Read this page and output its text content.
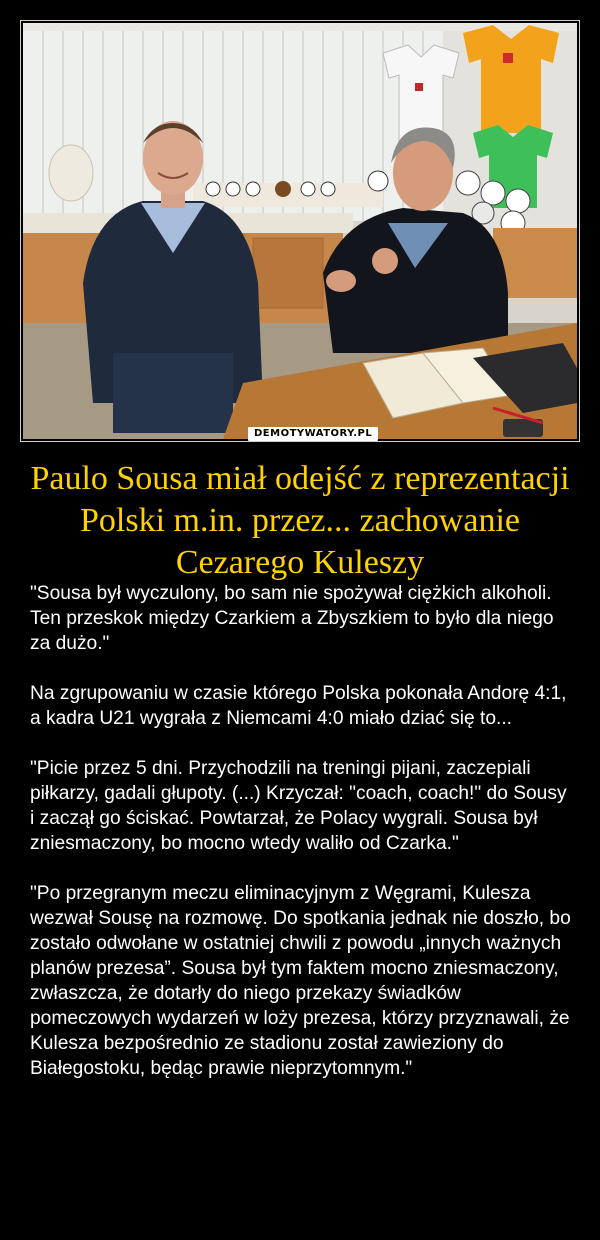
DEMOTYWATORY.PL
Paulo Sousa miał odejść z reprezentacji Polski m.in. przez... zachowanie Cezarego Kuleszy

"Sousa był wyczulony, bo sam nie spożywał ciężkich alkoholi. Ten przeskok między Czarkiem a Zbyszkiem to było dla niego za dużo."

Na zgrupowaniu w czasie którego Polska pokonała Andorę 4:1, a kadra U21 wygrała z Niemcami 4:0 miało dziać się to...

"Picie przez 5 dni. Przychodzili na treningi pijani, zaczepiali piłkarzy, gadali głupoty. (...) Krzyczał: "coach, coach!" do Sousy i zaczął go ściskać. Powtarzał, że Polacy wygrali. Sousa był zniesmaczony, bo mocno wtedy waliło od Czarka."

"Po przegranym meczu eliminacyjnym z Węgrami, Kulesza wezwał Sousę na rozmowę. Do spotkania jednak nie doszło, bo zostało odwołane w ostatniej chwili z powodu „innych ważnych planów prezesa”. Sousa był tym faktem mocno zniesmaczony, zwłaszcza, że dotarły do niego przekazy świadków pomeczowych wydarzeń w loży prezesa, którzy przyznawali, że Kulesza bezpośrednio ze stadionu został zawieziony do Białegostoku, będąc prawie nieprzytomnym."
